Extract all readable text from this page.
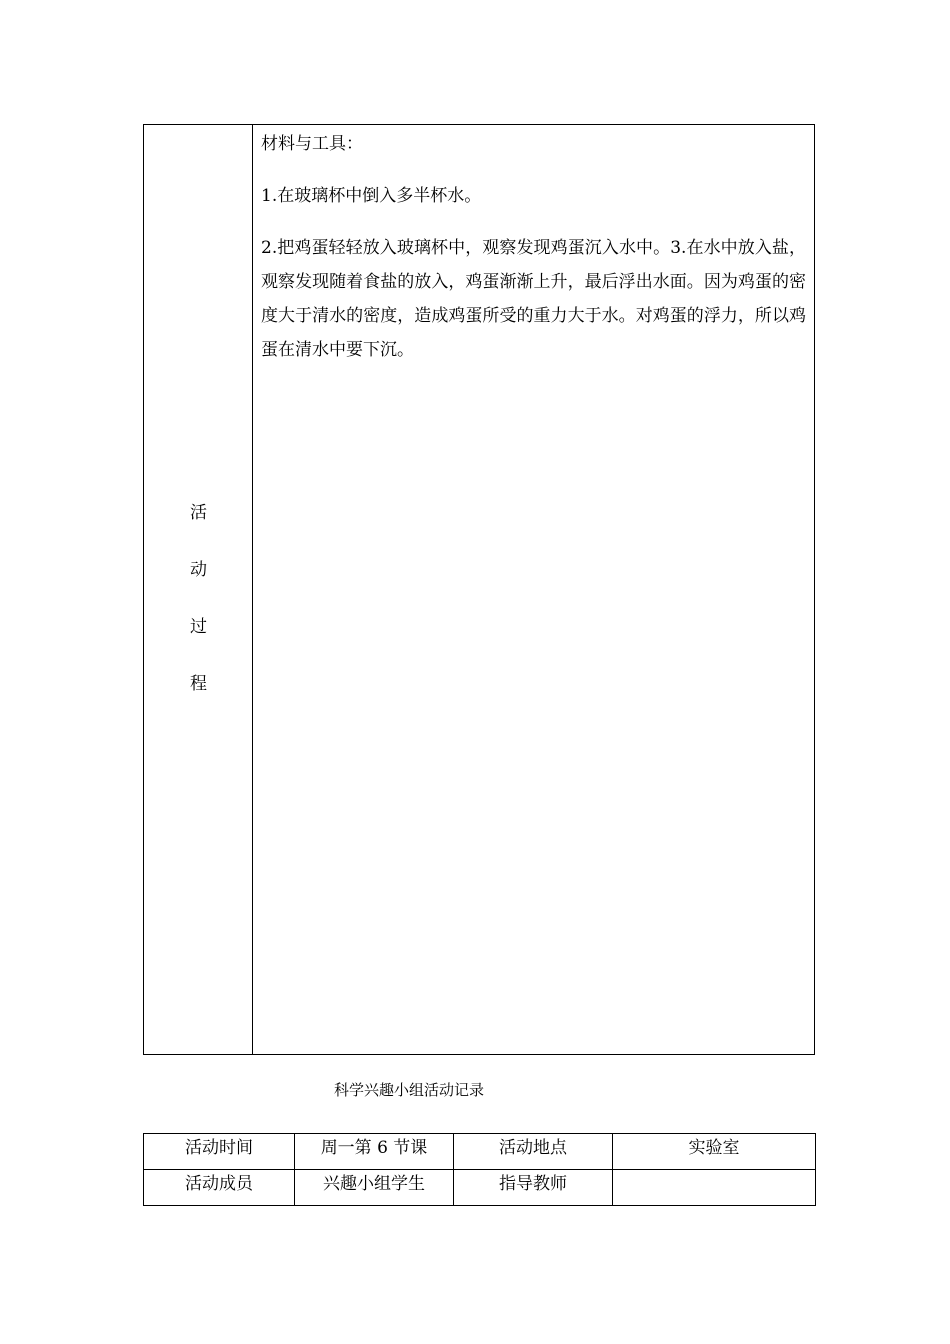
活
动
过
程

材料与工具：

1.在玻璃杯中倒入多半杯水。

2.把鸡蛋轻轻放入玻璃杯中，观察发现鸡蛋沉入水中。3.在水中放入盐，观察发现随着食盐的放入，鸡蛋渐渐上升，最后浮出水面。因为鸡蛋的密度大于清水的密度，造成鸡蛋所受的重力大于水。对鸡蛋的浮力，所以鸡蛋在清水中要下沉。

科学兴趣小组活动记录
活动时间	周一第 6 节课	活动地点	实验室
活动成员	兴趣小组学生	指导教师	
